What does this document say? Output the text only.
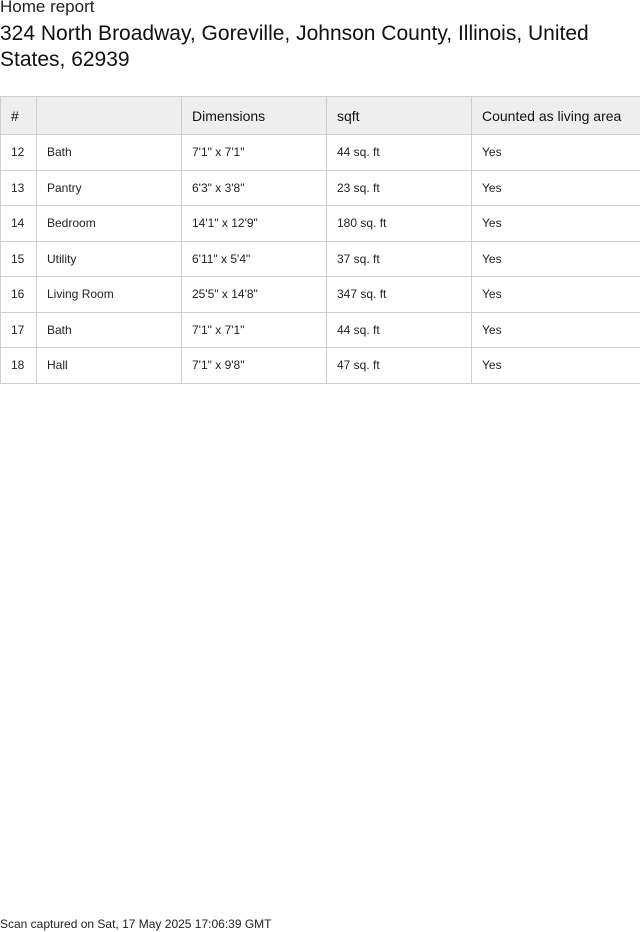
Home report
324 North Broadway, Goreville, Johnson County, Illinois, United States, 62939
#		Dimensions	sqft	Counted as living area
12	Bath	7'1" x 7'1"	44 sq. ft	Yes
13	Pantry	6'3" x 3'8"	23 sq. ft	Yes
14	Bedroom	14'1" x 12'9"	180 sq. ft	Yes
15	Utility	6'11" x 5'4"	37 sq. ft	Yes
16	Living Room	25'5" x 14'8"	347 sq. ft	Yes
17	Bath	7'1" x 7'1"	44 sq. ft	Yes
18	Hall	7'1" x 9'8"	47 sq. ft	Yes
Scan captured on Sat, 17 May 2025 17:06:39 GMT
